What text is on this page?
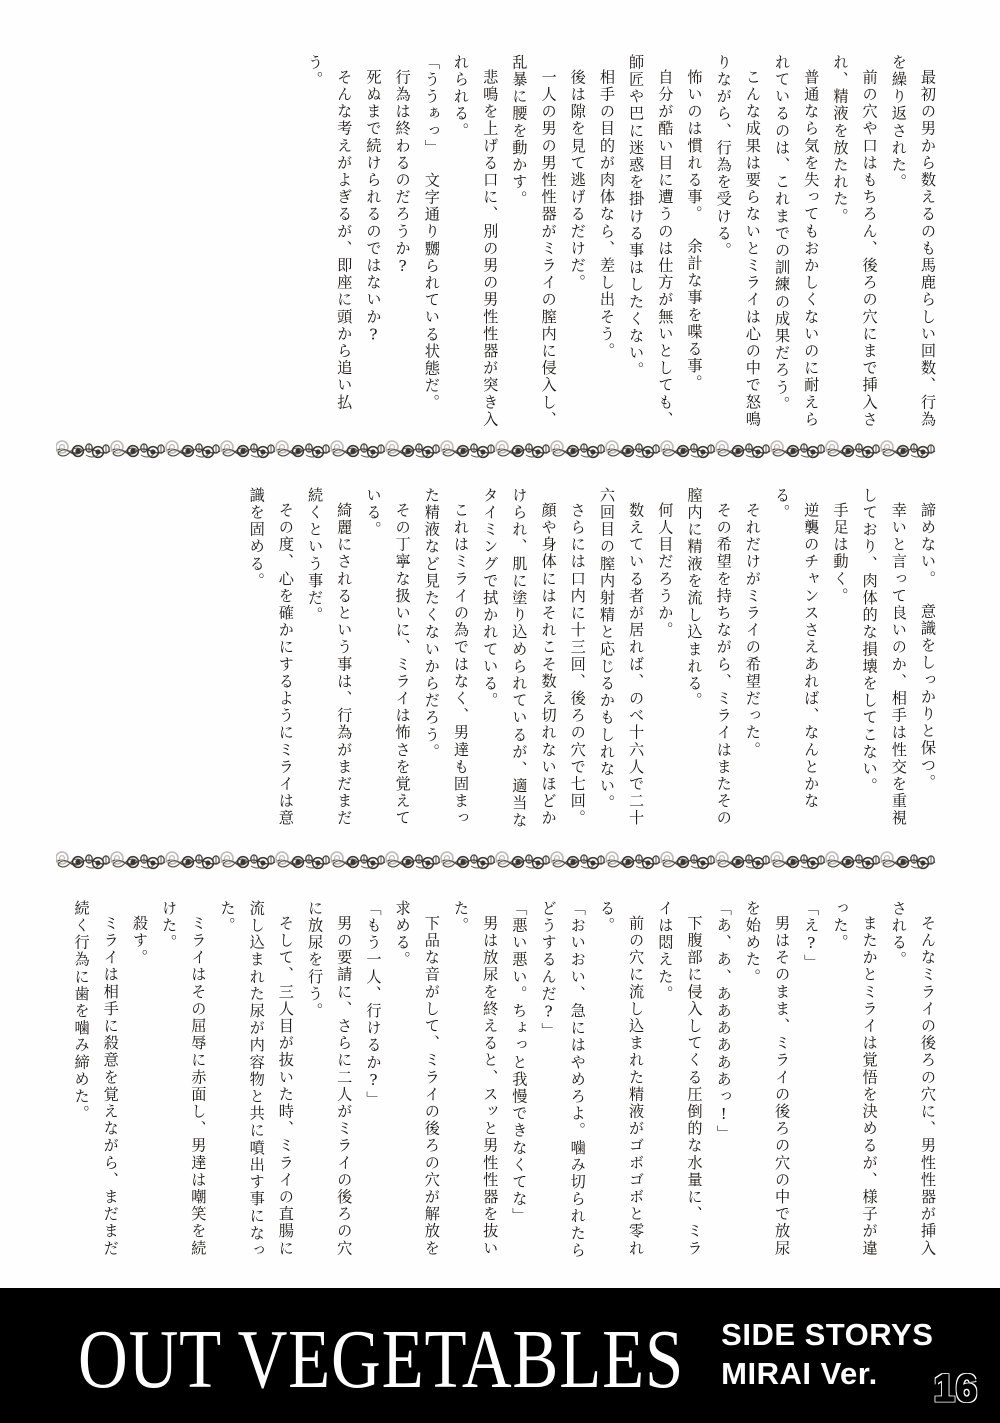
最初の男から数えるのも馬鹿らしい回数、行為を繰り返された。

前の穴や口はもちろん、後ろの穴にまで挿入され、精液を放たれた。

普通なら気を失ってもおかしくないのに耐えられているのは、これまでの訓練の成果だろう。

こんな成果は要らないとミライは心の中で怒鳴りながら、行為を受ける。

怖いのは慣れる事。

余計な事を喋る事。

自分が酷い目に遭うのは仕方が無いとしても、師匠や巴に迷惑を掛ける事はしたくない。

相手の目的が肉体なら、差し出そう。

後は隙を見て逃げるだけだ。

一人の男の男性性器がミライの膣内に侵入し、乱暴に腰を動かす。

悲鳴を上げる口に、別の男の男性性器が突き入れられる。

「ううぁっ」

文字通り嬲られている状態だ。

行為は終わるのだろうか?

死ぬまで続けられるのではないか?

そんな考えがよぎるが、即座に頭から追い払う。

諦めない。

意識をしっかりと保つ。

幸いと言って良いのか、相手は性交を重視しており、肉体的な損壊をしてこない。

手足は動く。

逆襲のチャンスさえあれば、なんとかなる。

それだけがミライの希望だった。

その希望を持ちながら、ミライはまたその膣内に精液を流し込まれる。

何人目だろうか。

数えている者が居れば、のべ十六人で二十六回目の膣内射精と応じるかもしれない。

さらには口内に十三回、後ろの穴で七回。

顔や身体にはそれこそ数え切れないほどかけられ、肌に塗り込められているが、適当なタイミングで拭かれている。

これはミライの為ではなく、男達も固まった精液など見たくないからだろう。

その丁寧な扱いに、ミライは怖さを覚えている。

綺麗にされるという事は、行為がまだまだ続くという事だ。

その度、心を確かにするようにミライは意識を固める。

そんなミライの後ろの穴に、男性性器が挿入される。

またかとミライは覚悟を決めるが、様子が違った。

「え?」

男はそのまま、ミライの後ろの穴の中で放尿を始めた。

「あ、あ、ああああああっ!」

下腹部に侵入してくる圧倒的な水量に、ミライは悶えた。

前の穴に流し込まれた精液がゴボゴボと零れる。

「おいおい、急にはやめろよ。噛み切られたらどうするんだ?」

「悪い悪い。ちょっと我慢できなくてな」

男は放尿を終えると、スッと男性性器を抜いた。

下品な音がして、ミライの後ろの穴が解放を求める。

「もう一人、行けるか?」

男の要請に、さらに二人がミライの後ろの穴に放尿を行う。

そして、三人目が抜いた時、ミライの直腸に流し込まれた尿が内容物と共に噴出す事になった。

ミライはその屈辱に赤面し、男達は嘲笑を続けた。

殺す。

ミライは相手に殺意を覚えながら、まだまだ続く行為に歯を噛み締めた。

OUT VEGETABLES SIDE STORYS
MIRAI Ver.	16
